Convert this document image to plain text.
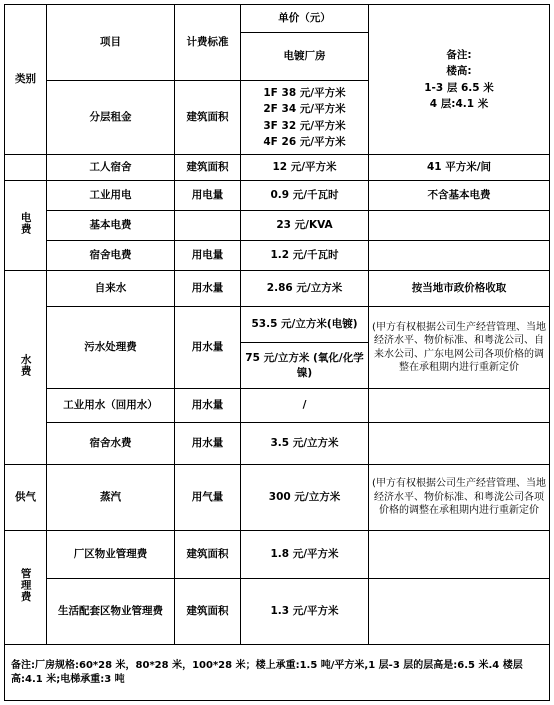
类别	项目	计费标准	单价（元）	备注:
楼高:
1-3 层 6.5 米
4 层:4.1 米

			电镀厂房	
	分层租金	建筑面积	1F 38 元/平方米
2F 34 元/平方米
3F 32 元/平方米
4F 26 元/平方米	

	工人宿舍	建筑面积	12 元/平方米	41 平方米/间
电费	工业用电	用电量	0.9 元/千瓦时	不含基本电费
	基本电费		23 元/KVA	
	宿舍电费	用电量	1.2 元/千瓦时	
水费	自来水	用水量	2.86 元/立方米	按当地市政价格收取
	污水处理费	用水量	53.5 元/立方米(电镀)	(甲方有权根据公司生产经营管理、当地经济水平、物价标准、和粤泷公司、自来水公司、广东电网公司各项价格的调整在承租期内进行重新定价
			75 元/立方米 (氧化/化学镍)	
	工业用水（回用水）	用水量	/	
	宿舍水费	用水量	3.5 元/立方米	
供气	蒸汽	用气量	300 元/立方米	(甲方有权根据公司生产经营管理、当地经济水平、物价标准、和粤泷公司各项价格的调整在承租期内进行重新定价
管理费	厂区物业管理费	建筑面积	1.8 元/平方米	
	生活配套区物业管理费	建筑面积	1.3 元/平方米	
备注:厂房规格:60*28 米，80*28 米，100*28 米；楼上承重:1.5 吨/平方米,1 层-3 层的层高是:6.5 米.4 楼层高:4.1 米;电梯承重:3 吨				
